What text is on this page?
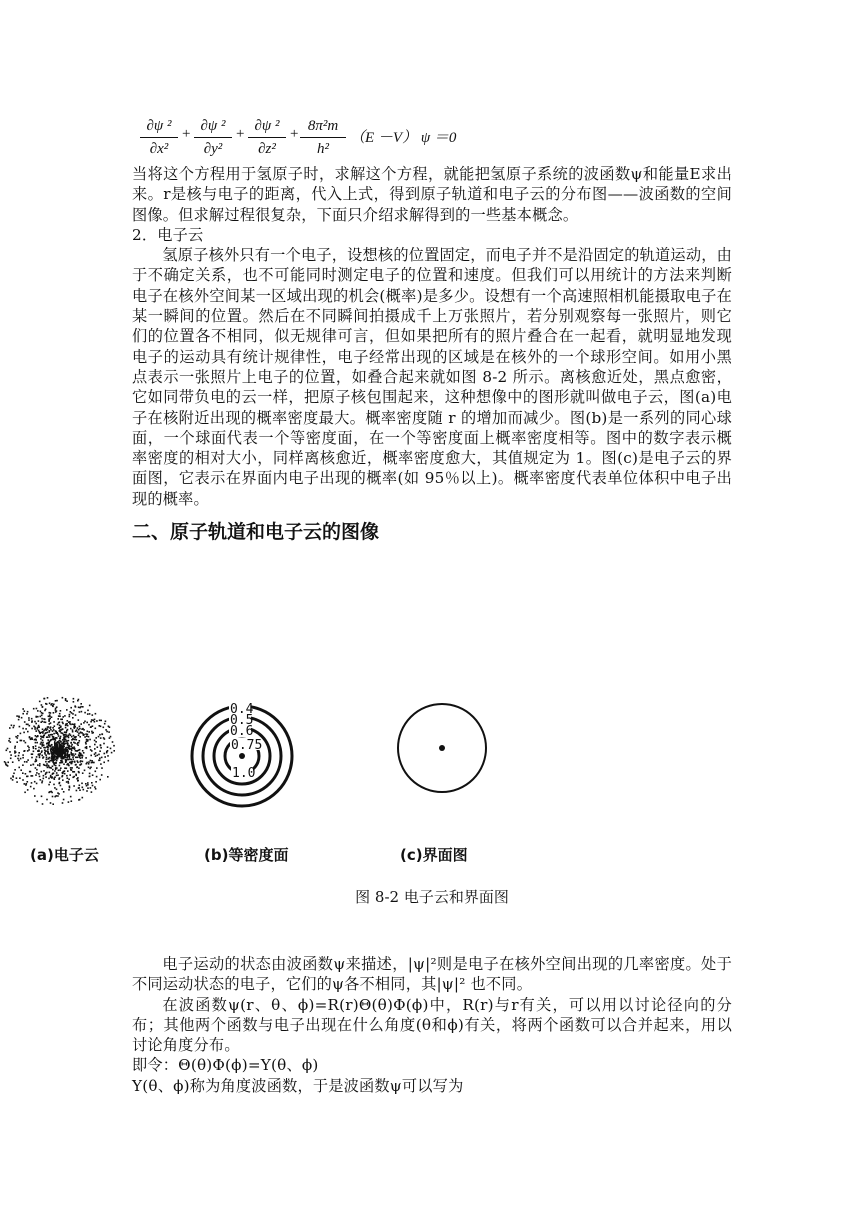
∂ψ ²
∂x²
+ ∂ψ ²
∂y²
+ ∂ψ ²
∂z²
+ 8π²m
h²
（E －V） ψ ＝0

当将这个方程用于氢原子时，求解这个方程，就能把氢原子系统的波函数ψ和能量E求出来。r是核与电子的距离，代入上式，得到原子轨道和电子云的分布图——波函数的空间图像。但求解过程很复杂，下面只介绍求解得到的一些基本概念。

2．电子云

氢原子核外只有一个电子，设想核的位置固定，而电子并不是沿固定的轨道运动，由于不确定关系，也不可能同时测定电子的位置和速度。但我们可以用统计的方法来判断电子在核外空间某一区域出现的机会(概率)是多少。设想有一个高速照相机能摄取电子在某一瞬间的位置。然后在不同瞬间拍摄成千上万张照片，若分别观察每一张照片，则它们的位置各不相同，似无规律可言，但如果把所有的照片叠合在一起看，就明显地发现电子的运动具有统计规律性，电子经常出现的区域是在核外的一个球形空间。如用小黑点表示一张照片上电子的位置，如叠合起来就如图 8-2 所示。离核愈近处，黑点愈密，它如同带负电的云一样，把原子核包围起来，这种想像中的图形就叫做电子云，图(a)电子在核附近出现的概率密度最大。概率密度随 r 的增加而减少。图(b)是一系列的同心球面，一个球面代表一个等密度面，在一个等密度面上概率密度相等。图中的数字表示概率密度的相对大小，同样离核愈近，概率密度愈大，其值规定为 1。图(c)是电子云的界面图，它表示在界面内电子出现的概率(如 95％以上)。概率密度代表单位体积中电子出现的概率。

二、原子轨道和电子云的图像
0.4
0.5
0.6
0.75
1.0
(a)电子云	(b)等密度面	(c)界面图
图 8-2 电子云和界面图

电子运动的状态由波函数ψ来描述，|ψ|²则是电子在核外空间出现的几率密度。处于不同运动状态的电子，它们的ψ各不相同，其|ψ|² 也不同。

在波函数ψ(r、θ、ϕ)=R(r)Θ(θ)Φ(ϕ)中，R(r)与r有关，可以用以讨论径向的分布；其他两个函数与电子出现在什么角度(θ和ϕ)有关，将两个函数可以合并起来，用以讨论角度分布。

即令：Θ(θ)Φ(ϕ)=Y(θ、ϕ)

Y(θ、ϕ)称为角度波函数，于是波函数ψ可以写为
